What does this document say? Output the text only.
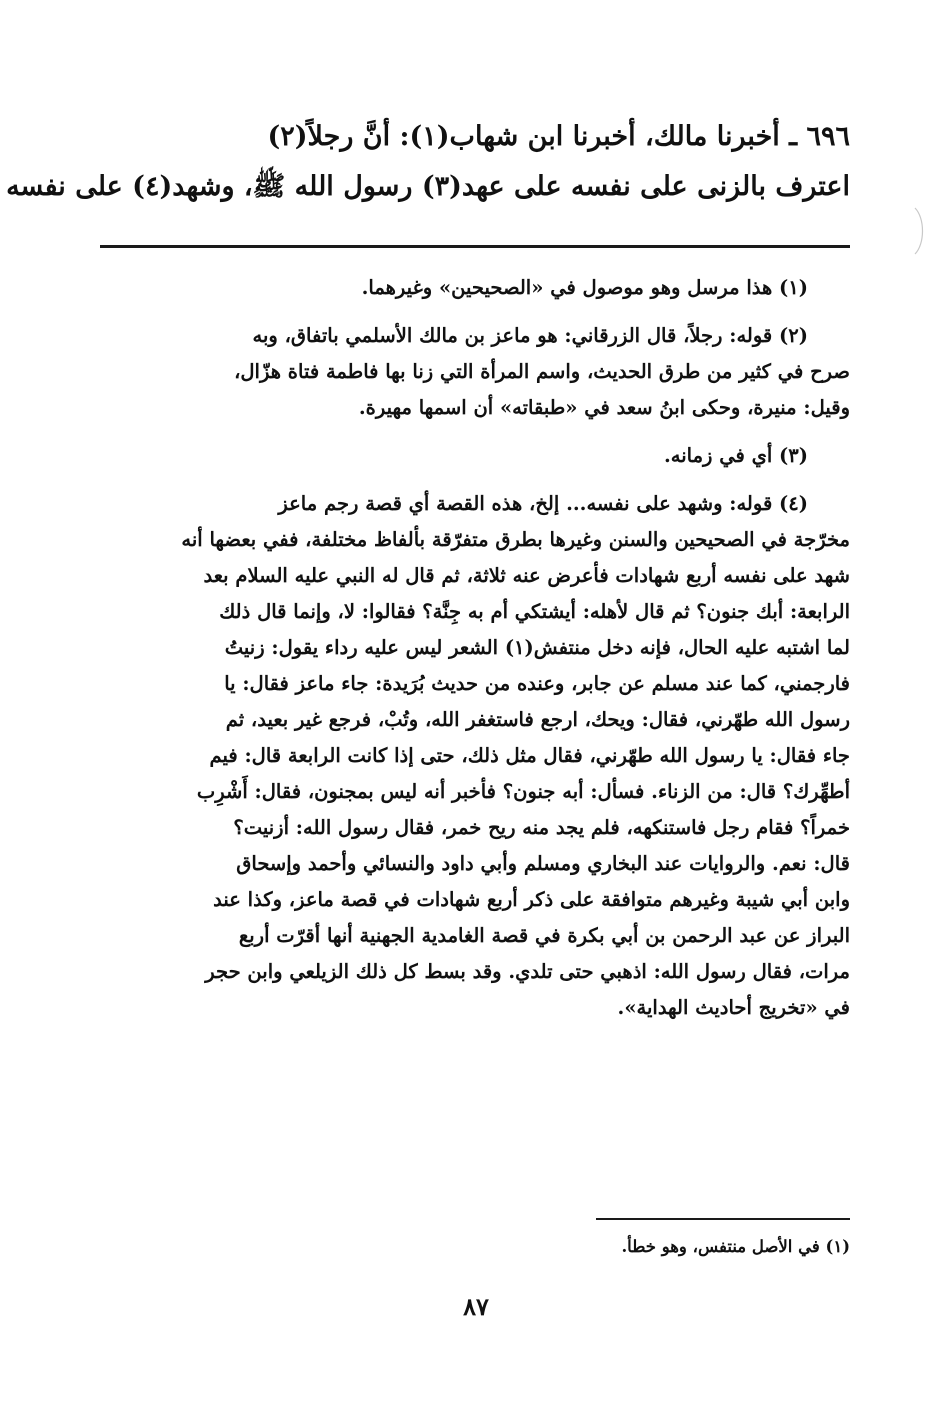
٦٩٦ ـ أخبرنا مالك، أخبرنا ابن شهاب(١): أنَّ رجلاً(٢)
اعترف بالزنى على نفسه على عهد(٣) رسول الله ﷺ، وشهد(٤) على نفسه
(١) هذا مرسل وهو موصول في «الصحيحين» وغيرهما.
(٢) قوله: رجلاً، قال الزرقاني: هو ماعز بن مالك الأسلمي باتفاق، وبه
صرح في كثير من طرق الحديث، واسم المرأة التي زنا بها فاطمة فتاة هزّال،
وقيل: منيرة، وحكى ابنُ سعد في «طبقاته» أن اسمها مهيرة.
(٣) أي في زمانه.
(٤) قوله: وشهد على نفسه... إلخ، هذه القصة أي قصة رجم ماعز
مخرّجة في الصحيحين والسنن وغيرها بطرق متفرّقة بألفاظ مختلفة، ففي بعضها أنه
شهد على نفسه أربع شهادات فأعرض عنه ثلاثة، ثم قال له النبي عليه السلام بعد
الرابعة: أبك جنون؟ ثم قال لأهله: أيشتكي أم به جِنَّة؟ فقالوا: لا، وإنما قال ذلك
لما اشتبه عليه الحال، فإنه دخل منتفش(١) الشعر ليس عليه رداء يقول: زنيتُ
فارجمني، كما عند مسلم عن جابر، وعنده من حديث بُرَيدة: جاء ماعز فقال: يا
رسول الله طهّرني، فقال: ويحك، ارجع فاستغفر الله، وتُبْ، فرجع غير بعيد، ثم
جاء فقال: يا رسول الله طهّرني، فقال مثل ذلك، حتى إذا كانت الرابعة قال: فيم
أطهِّرك؟ قال: من الزناء. فسأل: أبه جنون؟ فأخبر أنه ليس بمجنون، فقال: أَشْرِب
خمراً؟ فقام رجل فاستنكهه، فلم يجد منه ريح خمر، فقال رسول الله: أزنيت؟
قال: نعم. والروايات عند البخاري ومسلم وأبي داود والنسائي وأحمد وإسحاق
وابن أبي شيبة وغيرهم متوافقة على ذكر أربع شهادات في قصة ماعز، وكذا عند
البراز عن عبد الرحمن بن أبي بكرة في قصة الغامدية الجهنية أنها أقرّت أربع
مرات، فقال رسول الله: اذهبي حتى تلدي. وقد بسط كل ذلك الزيلعي وابن حجر
في «تخريج أحاديث الهداية».
(١) في الأصل منتفس، وهو خطأ.
٨٧
